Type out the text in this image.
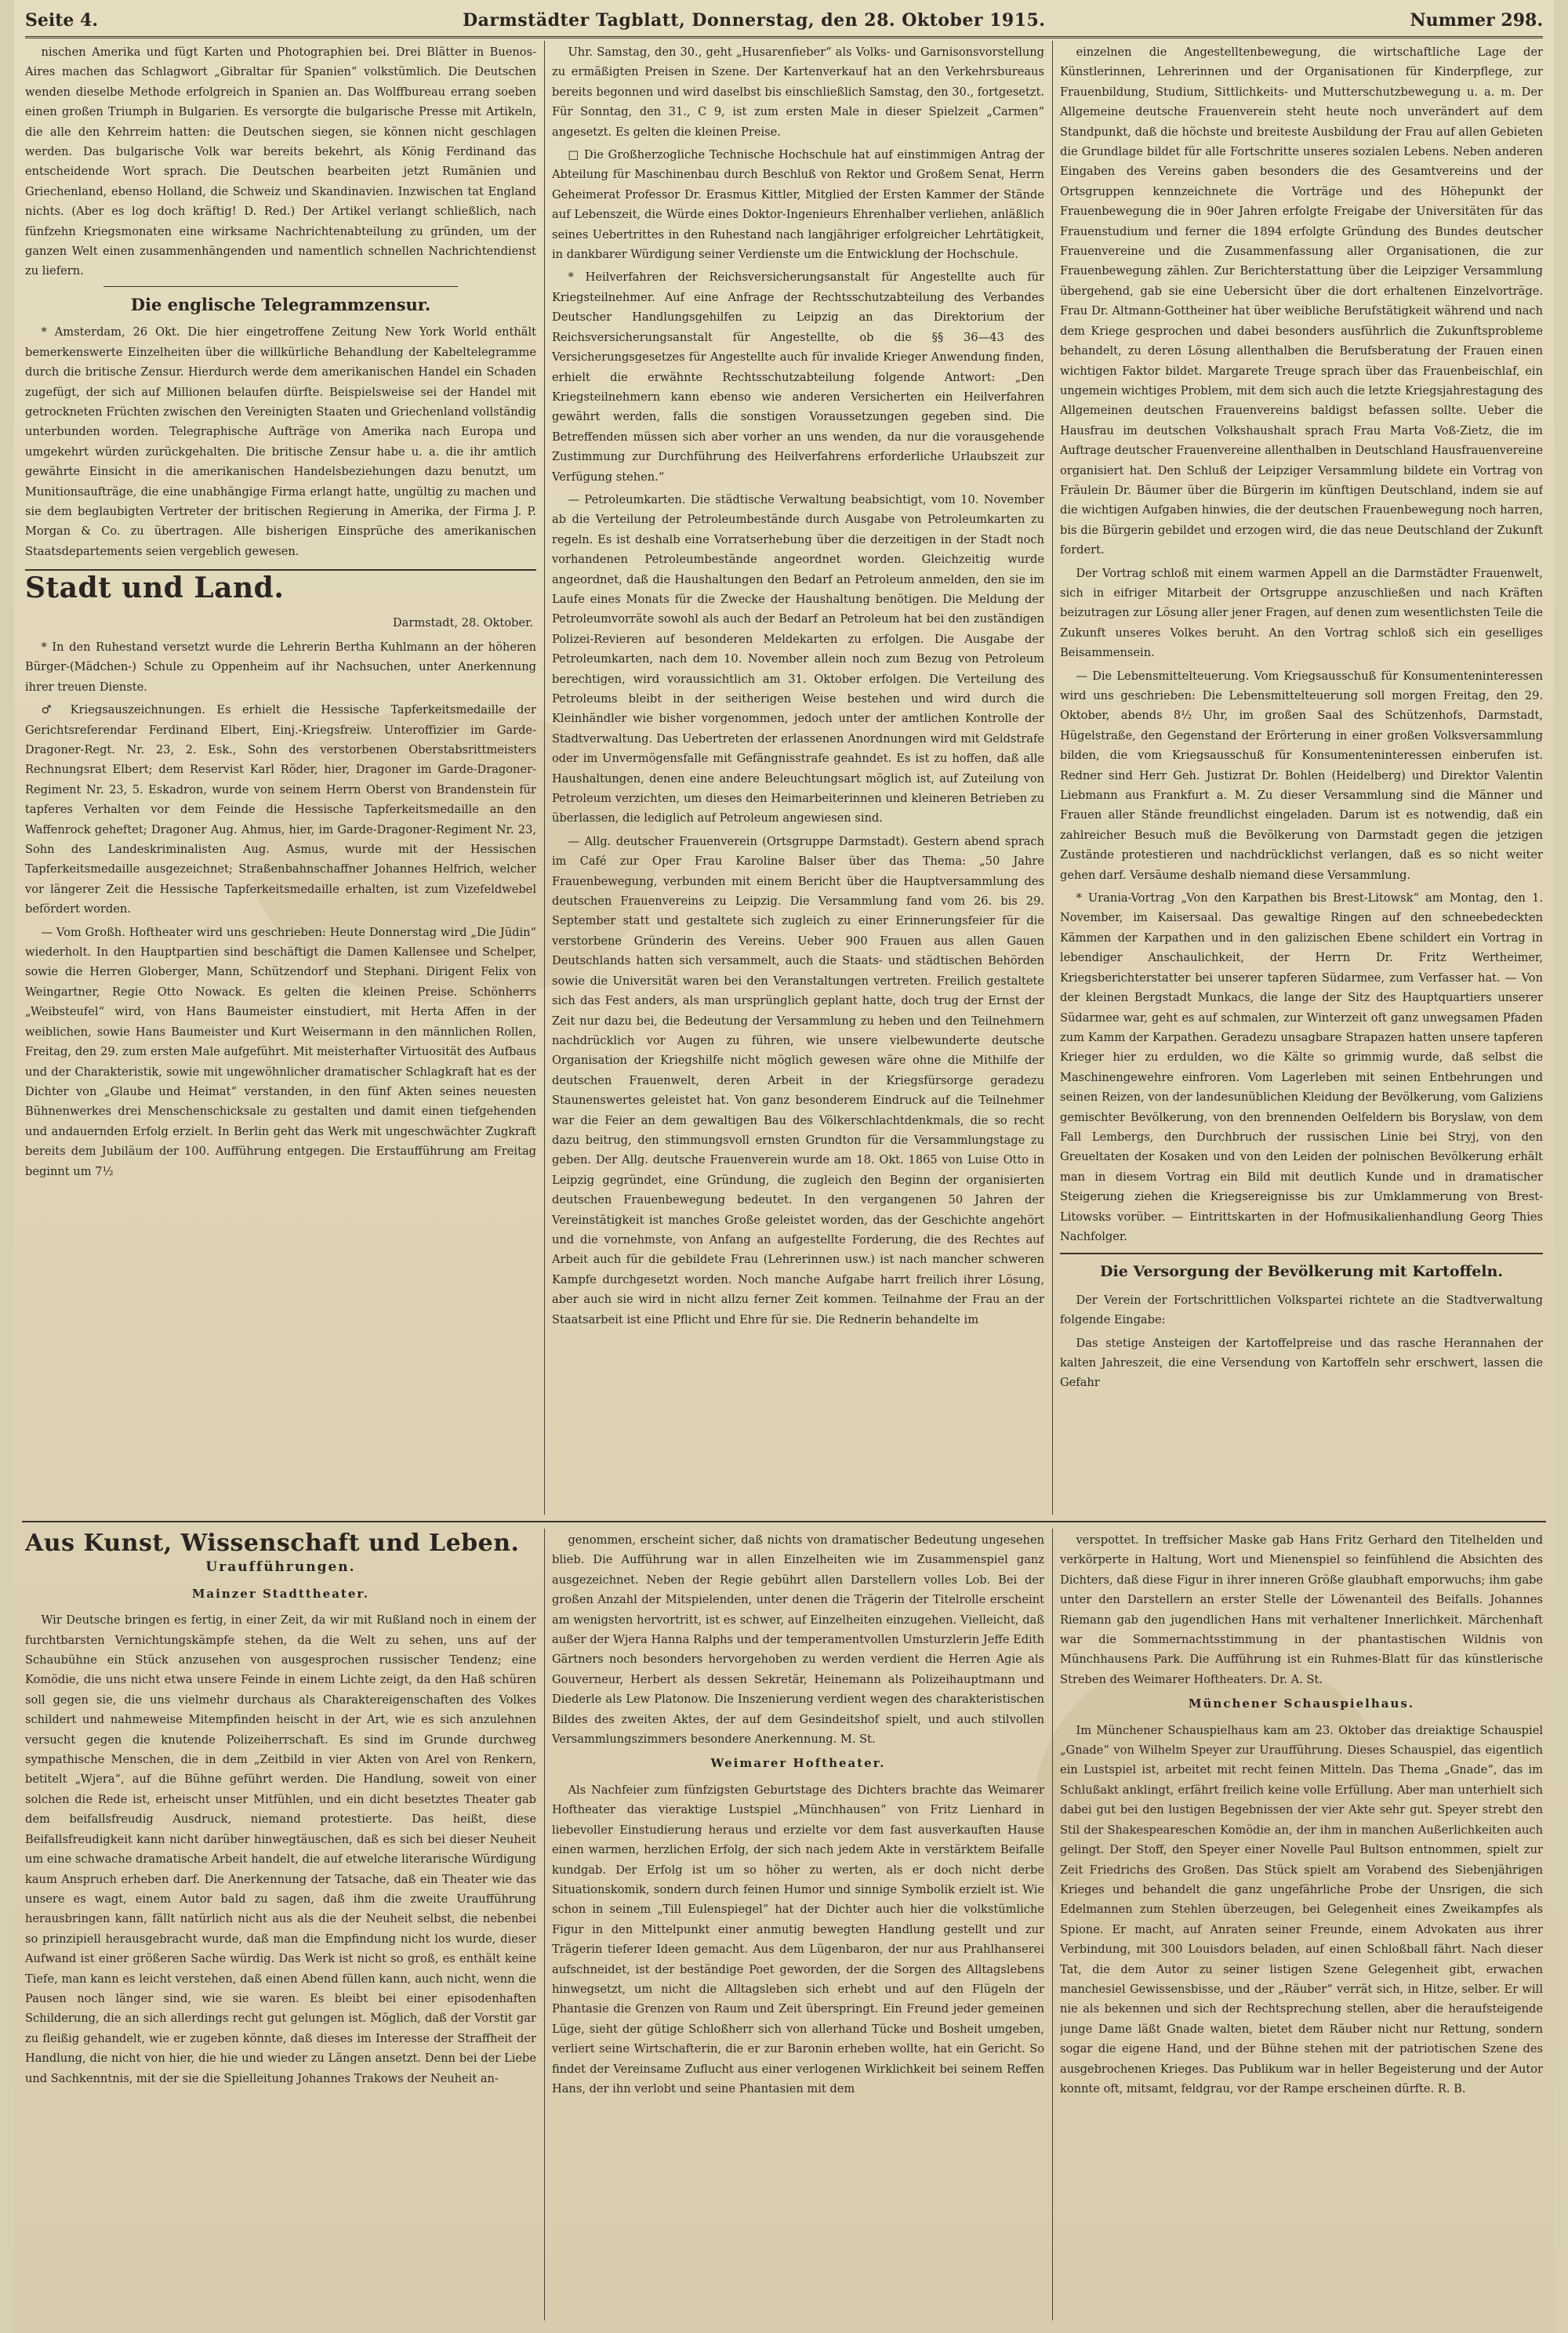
Seite 4.	Darmstädter Tagblatt, Donnerstag, den 28. Oktober 1915.	Nummer 298.

nischen Amerika und fügt Karten und Photographien bei. Drei Blätter in Buenos-Aires machen das Schlagwort „Gibraltar für Spanien“ volkstümlich. Die Deutschen wenden dieselbe Methode erfolgreich in Spanien an. Das Wolffbureau errang soeben einen großen Triumph in Bulgarien. Es versorgte die bulgarische Presse mit Artikeln, die alle den Kehrreim hatten: die Deutschen siegen, sie können nicht geschlagen werden. Das bulgarische Volk war bereits bekehrt, als König Ferdinand das entscheidende Wort sprach. Die Deutschen bearbeiten jetzt Rumänien und Griechenland, ebenso Holland, die Schweiz und Skandinavien. Inzwischen tat England nichts. (Aber es log doch kräftig! D. Red.) Der Artikel verlangt schließlich, nach fünfzehn Kriegsmonaten eine wirksame Nachrichtenabteilung zu gründen, um der ganzen Welt einen zusammenhängenden und namentlich schnellen Nachrichtendienst zu liefern.

Die englische Telegrammzensur.

* Amsterdam, 26 Okt. Die hier eingetroffene Zeitung New York World enthält bemerkenswerte Einzelheiten über die willkürliche Behandlung der Kabeltelegramme durch die britische Zensur. Hierdurch werde dem amerikanischen Handel ein Schaden zugefügt, der sich auf Millionen belaufen dürfte. Beispielsweise sei der Handel mit getrockneten Früchten zwischen den Vereinigten Staaten und Griechenland vollständig unterbunden worden. Telegraphische Aufträge von Amerika nach Europa und umgekehrt würden zurückgehalten. Die britische Zensur habe u. a. die ihr amtlich gewährte Einsicht in die amerikanischen Handelsbeziehungen dazu benutzt, um Munitionsaufträge, die eine unabhängige Firma erlangt hatte, ungültig zu machen und sie dem beglaubigten Vertreter der britischen Regierung in Amerika, der Firma J. P. Morgan & Co. zu übertragen. Alle bisherigen Einsprüche des amerikanischen Staatsdepartements seien vergeblich gewesen.

Stadt und Land.
Darmstadt, 28. Oktober.

* In den Ruhestand versetzt wurde die Lehrerin Bertha Kuhlmann an der höheren Bürger-(Mädchen-) Schule zu Oppenheim auf ihr Nachsuchen, unter Anerkennung ihrer treuen Dienste.

♂ Kriegsauszeichnungen. Es erhielt die Hessische Tapferkeitsmedaille der Gerichtsreferendar Ferdinand Elbert, Einj.-Kriegsfreiw. Unteroffizier im Garde-Dragoner-Regt. Nr. 23, 2. Esk., Sohn des verstorbenen Oberstabsrittmeisters Rechnungsrat Elbert; dem Reservist Karl Röder, hier, Dragoner im Garde-Dragoner-Regiment Nr. 23, 5. Eskadron, wurde von seinem Herrn Oberst von Brandenstein für tapferes Verhalten vor dem Feinde die Hessische Tapferkeitsmedaille an den Waffenrock geheftet; Dragoner Aug. Ahmus, hier, im Garde-Dragoner-Regiment Nr. 23, Sohn des Landeskriminalisten Aug. Asmus, wurde mit der Hessischen Tapferkeitsmedaille ausgezeichnet; Straßenbahnschaffner Johannes Helfrich, welcher vor längerer Zeit die Hessische Tapferkeitsmedaille erhalten, ist zum Vizefeldwebel befördert worden.

— Vom Großh. Hoftheater wird uns geschrieben: Heute Donnerstag wird „Die Jüdin“ wiederholt. In den Hauptpartien sind beschäftigt die Damen Kallensee und Schelper, sowie die Herren Globerger, Mann, Schützendorf und Stephani. Dirigent Felix von Weingartner, Regie Otto Nowack. Es gelten die kleinen Preise. Schönherrs „Weibsteufel“ wird, von Hans Baumeister einstudiert, mit Herta Affen in der weiblichen, sowie Hans Baumeister und Kurt Weisermann in den männlichen Rollen, Freitag, den 29. zum ersten Male aufgeführt. Mit meisterhafter Virtuosität des Aufbaus und der Charakteristik, sowie mit ungewöhnlicher dramatischer Schlagkraft hat es der Dichter von „Glaube und Heimat“ verstanden, in den fünf Akten seines neuesten Bühnenwerkes drei Menschenschicksale zu gestalten und damit einen tiefgehenden und andauernden Erfolg erzielt. In Berlin geht das Werk mit ungeschwächter Zugkraft bereits dem Jubiläum der 100. Aufführung entgegen. Die Erstaufführung am Freitag beginnt um 7½

Uhr. Samstag, den 30., geht „Husarenfieber“ als Volks- und Garnisonsvorstellung zu ermäßigten Preisen in Szene. Der Kartenverkauf hat an den Verkehrsbureaus bereits begonnen und wird daselbst bis einschließlich Samstag, den 30., fortgesetzt. Für Sonntag, den 31., C 9, ist zum ersten Male in dieser Spielzeit „Carmen“ angesetzt. Es gelten die kleinen Preise.

□ Die Großherzogliche Technische Hochschule hat auf einstimmigen Antrag der Abteilung für Maschinenbau durch Beschluß von Rektor und Großem Senat, Herrn Geheimerat Professor Dr. Erasmus Kittler, Mitglied der Ersten Kammer der Stände auf Lebenszeit, die Würde eines Doktor-Ingenieurs Ehrenhalber verliehen, anläßlich seines Uebertrittes in den Ruhestand nach langjähriger erfolgreicher Lehrtätigkeit, in dankbarer Würdigung seiner Verdienste um die Entwicklung der Hochschule.

* Heilverfahren der Reichsversicherungsanstalt für Angestellte auch für Kriegsteilnehmer. Auf eine Anfrage der Rechtsschutzabteilung des Verbandes Deutscher Handlungsgehilfen zu Leipzig an das Direktorium der Reichsversicherungsanstalt für Angestellte, ob die §§ 36—43 des Versicherungsgesetzes für Angestellte auch für invalide Krieger Anwendung finden, erhielt die erwähnte Rechtsschutzabteilung folgende Antwort: „Den Kriegsteilnehmern kann ebenso wie anderen Versicherten ein Heilverfahren gewährt werden, falls die sonstigen Voraussetzungen gegeben sind. Die Betreffenden müssen sich aber vorher an uns wenden, da nur die vorausgehende Zustimmung zur Durchführung des Heilverfahrens erforderliche Urlaubszeit zur Verfügung stehen.“

— Petroleumkarten. Die städtische Verwaltung beabsichtigt, vom 10. November ab die Verteilung der Petroleumbestände durch Ausgabe von Petroleumkarten zu regeln. Es ist deshalb eine Vorratserhebung über die derzeitigen in der Stadt noch vorhandenen Petroleumbestände angeordnet worden. Gleichzeitig wurde angeordnet, daß die Haushaltungen den Bedarf an Petroleum anmelden, den sie im Laufe eines Monats für die Zwecke der Haushaltung benötigen. Die Meldung der Petroleumvorräte sowohl als auch der Bedarf an Petroleum hat bei den zuständigen Polizei-Revieren auf besonderen Meldekarten zu erfolgen. Die Ausgabe der Petroleumkarten, nach dem 10. November allein noch zum Bezug von Petroleum berechtigen, wird voraussichtlich am 31. Oktober erfolgen. Die Verteilung des Petroleums bleibt in der seitherigen Weise bestehen und wird durch die Kleinhändler wie bisher vorgenommen, jedoch unter der amtlichen Kontrolle der Stadtverwaltung. Das Uebertreten der erlassenen Anordnungen wird mit Geldstrafe oder im Unvermögensfalle mit Gefängnisstrafe geahndet. Es ist zu hoffen, daß alle Haushaltungen, denen eine andere Beleuchtungsart möglich ist, auf Zuteilung von Petroleum verzichten, um dieses den Heimarbeiterinnen und kleineren Betrieben zu überlassen, die lediglich auf Petroleum angewiesen sind.

— Allg. deutscher Frauenverein (Ortsgruppe Darmstadt). Gestern abend sprach im Café zur Oper Frau Karoline Balser über das Thema: „50 Jahre Frauenbewegung, verbunden mit einem Bericht über die Hauptversammlung des deutschen Frauenvereins zu Leipzig. Die Versammlung fand vom 26. bis 29. September statt und gestaltete sich zugleich zu einer Erinnerungsfeier für die verstorbene Gründerin des Vereins. Ueber 900 Frauen aus allen Gauen Deutschlands hatten sich versammelt, auch die Staats- und städtischen Behörden sowie die Universität waren bei den Veranstaltungen vertreten. Freilich gestaltete sich das Fest anders, als man ursprünglich geplant hatte, doch trug der Ernst der Zeit nur dazu bei, die Bedeutung der Versammlung zu heben und den Teilnehmern nachdrücklich vor Augen zu führen, wie unsere vielbewunderte deutsche Organisation der Kriegshilfe nicht möglich gewesen wäre ohne die Mithilfe der deutschen Frauenwelt, deren Arbeit in der Kriegsfürsorge geradezu Staunenswertes geleistet hat. Von ganz besonderem Eindruck auf die Teilnehmer war die Feier an dem gewaltigen Bau des Völkerschlachtdenkmals, die so recht dazu beitrug, den stimmungsvoll ernsten Grundton für die Versammlungstage zu geben. Der Allg. deutsche Frauenverein wurde am 18. Okt. 1865 von Luise Otto in Leipzig gegründet, eine Gründung, die zugleich den Beginn der organisierten deutschen Frauenbewegung bedeutet. In den vergangenen 50 Jahren der Vereinstätigkeit ist manches Große geleistet worden, das der Geschichte angehört und die vornehmste, von Anfang an aufgestellte Forderung, die des Rechtes auf Arbeit auch für die gebildete Frau (Lehrerinnen usw.) ist nach mancher schweren Kampfe durchgesetzt worden. Noch manche Aufgabe harrt freilich ihrer Lösung, aber auch sie wird in nicht allzu ferner Zeit kommen. Teilnahme der Frau an der Staatsarbeit ist eine Pflicht und Ehre für sie. Die Rednerin behandelte im

einzelnen die Angestelltenbewegung, die wirtschaftliche Lage der Künstlerinnen, Lehrerinnen und der Organisationen für Kinderpflege, zur Frauenbildung, Studium, Sittlichkeits- und Mutterschutzbewegung u. a. m. Der Allgemeine deutsche Frauenverein steht heute noch unverändert auf dem Standpunkt, daß die höchste und breiteste Ausbildung der Frau auf allen Gebieten die Grundlage bildet für alle Fortschritte unseres sozialen Lebens. Neben anderen Eingaben des Vereins gaben besonders die des Gesamtvereins und der Ortsgruppen kennzeichnete die Vorträge und des Höhepunkt der Frauenbewegung die in 90er Jahren erfolgte Freigabe der Universitäten für das Frauenstudium und ferner die 1894 erfolgte Gründung des Bundes deutscher Frauenvereine und die Zusammenfassung aller Organisationen, die zur Frauenbewegung zählen. Zur Berichterstattung über die Leipziger Versammlung übergehend, gab sie eine Uebersicht über die dort erhaltenen Einzelvorträge. Frau Dr. Altmann-Gottheiner hat über weibliche Berufstätigkeit während und nach dem Kriege gesprochen und dabei besonders ausführlich die Zukunftsprobleme behandelt, zu deren Lösung allenthalben die Berufsberatung der Frauen einen wichtigen Faktor bildet. Margarete Treuge sprach über das Frauenbeischlaf, ein ungemein wichtiges Problem, mit dem sich auch die letzte Kriegsjahrestagung des Allgemeinen deutschen Frauenvereins baldigst befassen sollte. Ueber die Hausfrau im deutschen Volkshaushalt sprach Frau Marta Voß-Zietz, die im Auftrage deutscher Frauenvereine allenthalben in Deutschland Hausfrauenvereine organisiert hat. Den Schluß der Leipziger Versammlung bildete ein Vortrag von Fräulein Dr. Bäumer über die Bürgerin im künftigen Deutschland, indem sie auf die wichtigen Aufgaben hinwies, die der deutschen Frauenbewegung noch harren, bis die Bürgerin gebildet und erzogen wird, die das neue Deutschland der Zukunft fordert.

Der Vortrag schloß mit einem warmen Appell an die Darmstädter Frauenwelt, sich in eifriger Mitarbeit der Ortsgruppe anzuschließen und nach Kräften beizutragen zur Lösung aller jener Fragen, auf denen zum wesentlichsten Teile die Zukunft unseres Volkes beruht. An den Vortrag schloß sich ein geselliges Beisammensein.

— Die Lebensmittelteuerung. Vom Kriegsausschuß für Konsumenteninteressen wird uns geschrieben: Die Lebensmittelteuerung soll morgen Freitag, den 29. Oktober, abends 8½ Uhr, im großen Saal des Schützenhofs, Darmstadt, Hügelstraße, den Gegenstand der Erörterung in einer großen Volksversammlung bilden, die vom Kriegsausschuß für Konsumenteninteressen einberufen ist. Redner sind Herr Geh. Justizrat Dr. Bohlen (Heidelberg) und Direktor Valentin Liebmann aus Frankfurt a. M. Zu dieser Versammlung sind die Männer und Frauen aller Stände freundlichst eingeladen. Darum ist es notwendig, daß ein zahlreicher Besuch muß die Bevölkerung von Darmstadt gegen die jetzigen Zustände protestieren und nachdrücklichst verlangen, daß es so nicht weiter gehen darf. Versäume deshalb niemand diese Versammlung.

* Urania-Vortrag „Von den Karpathen bis Brest-Litowsk“ am Montag, den 1. November, im Kaisersaal. Das gewaltige Ringen auf den schneebedeckten Kämmen der Karpathen und in den galizischen Ebene schildert ein Vortrag in lebendiger Anschaulichkeit, der Herrn Dr. Fritz Wertheimer, Kriegsberichterstatter bei unserer tapferen Südarmee, zum Verfasser hat. — Von der kleinen Bergstadt Munkacs, die lange der Sitz des Hauptquartiers unserer Südarmee war, geht es auf schmalen, zur Winterzeit oft ganz unwegsamen Pfaden zum Kamm der Karpathen. Geradezu unsagbare Strapazen hatten unsere tapferen Krieger hier zu erdulden, wo die Kälte so grimmig wurde, daß selbst die Maschinengewehre einfroren. Vom Lagerleben mit seinen Entbehrungen und seinen Reizen, von der landesunüblichen Kleidung der Bevölkerung, vom Galiziens gemischter Bevölkerung, von den brennenden Oelfeldern bis Boryslaw, von dem Fall Lembergs, den Durchbruch der russischen Linie bei Stryj, von den Greueltaten der Kosaken und von den Leiden der polnischen Bevölkerung erhält man in diesem Vortrag ein Bild mit deutlich Kunde und in dramatischer Steigerung ziehen die Kriegsereignisse bis zur Umklammerung von Brest-Litowsks vorüber. — Eintrittskarten in der Hofmusikalienhandlung Georg Thies Nachfolger.

Die Versorgung der Bevölkerung mit Kartoffeln.

Der Verein der Fortschrittlichen Volkspartei richtete an die Stadtverwaltung folgende Eingabe:

Das stetige Ansteigen der Kartoffelpreise und das rasche Herannahen der kalten Jahreszeit, die eine Versendung von Kartoffeln sehr erschwert, lassen die Gefahr

Aus Kunst, Wissenschaft und Leben.
Uraufführungen.
Mainzer Stadttheater.

Wir Deutsche bringen es fertig, in einer Zeit, da wir mit Rußland noch in einem der furchtbarsten Vernichtungskämpfe stehen, da die Welt zu sehen, uns auf der Schaubühne ein Stück anzusehen von ausgesprochen russischer Tendenz; eine Komödie, die uns nicht etwa unsere Feinde in einem Lichte zeigt, da den Haß schüren soll gegen sie, die uns vielmehr durchaus als Charaktereigenschaften des Volkes schildert und nahmeweise Mitempfinden heischt in der Art, wie es sich anzulehnen versucht gegen die knutende Polizeiherrschaft. Es sind im Grunde durchweg sympathische Menschen, die in dem „Zeitbild in vier Akten von Arel von Renkern, betitelt „Wjera“, auf die Bühne geführt werden. Die Handlung, soweit von einer solchen die Rede ist, erheischt unser Mitfühlen, und ein dicht besetztes Theater gab dem beifallsfreudig Ausdruck, niemand protestierte. Das heißt, diese Beifallsfreudigkeit kann nicht darüber hinwegtäuschen, daß es sich bei dieser Neuheit um eine schwache dramatische Arbeit handelt, die auf etwelche literarische Würdigung kaum Anspruch erheben darf. Die Anerkennung der Tatsache, daß ein Theater wie das unsere es wagt, einem Autor bald zu sagen, daß ihm die zweite Uraufführung herausbringen kann, fällt natürlich nicht aus als die der Neuheit selbst, die nebenbei so prinzipiell herausgebracht wurde, daß man die Empfindung nicht los wurde, dieser Aufwand ist einer größeren Sache würdig. Das Werk ist nicht so groß, es enthält keine Tiefe, man kann es leicht verstehen, daß einen Abend füllen kann, auch nicht, wenn die Pausen noch länger sind, wie sie waren. Es bleibt bei einer episodenhaften Schilderung, die an sich allerdings recht gut gelungen ist. Möglich, daß der Vorstit gar zu fleißig gehandelt, wie er zugeben könnte, daß dieses im Interesse der Straffheit der Handlung, die nicht von hier, die hie und wieder zu Längen ansetzt. Denn bei der Liebe und Sachkenntnis, mit der sie die Spielleitung Johannes Trakows der Neuheit an-

genommen, erscheint sicher, daß nichts von dramatischer Bedeutung ungesehen blieb. Die Aufführung war in allen Einzelheiten wie im Zusammenspiel ganz ausgezeichnet. Neben der Regie gebührt allen Darstellern volles Lob. Bei der großen Anzahl der Mitspielenden, unter denen die Trägerin der Titelrolle erscheint am wenigsten hervortritt, ist es schwer, auf Einzelheiten einzugehen. Vielleicht, daß außer der Wjera Hanna Ralphs und der temperamentvollen Umsturzlerin Jeffe Edith Gärtners noch besonders hervorgehoben zu werden verdient die Herren Agie als Gouverneur, Herbert als dessen Sekretär, Heinemann als Polizeihauptmann und Diederle als Lew Platonow. Die Inszenierung verdient wegen des charakteristischen Bildes des zweiten Aktes, der auf dem Gesindeitshof spielt, und auch stilvollen Versammlungszimmers besondere Anerkennung. M. St.

Weimarer Hoftheater.

Als Nachfeier zum fünfzigsten Geburtstage des Dichters brachte das Weimarer Hoftheater das vieraktige Lustspiel „Münchhausen“ von Fritz Lienhard in liebevoller Einstudierung heraus und erzielte vor dem fast ausverkauften Hause einen warmen, herzlichen Erfolg, der sich nach jedem Akte in verstärktem Beifalle kundgab. Der Erfolg ist um so höher zu werten, als er doch nicht derbe Situationskomik, sondern durch feinen Humor und sinnige Symbolik erzielt ist. Wie schon in seinem „Till Eulenspiegel“ hat der Dichter auch hier die volkstümliche Figur in den Mittelpunkt einer anmutig bewegten Handlung gestellt und zur Trägerin tieferer Ideen gemacht. Aus dem Lügenbaron, der nur aus Prahlhanserei aufschneidet, ist der beständige Poet geworden, der die Sorgen des Alltagslebens hinwegsetzt, um nicht die Alltagsleben sich erhebt und auf den Flügeln der Phantasie die Grenzen von Raum und Zeit überspringt. Ein Freund jeder gemeinen Lüge, sieht der gütige Schloßherr sich von allerhand Tücke und Bosheit umgeben, verliert seine Wirtschafterin, die er zur Baronin erheben wollte, hat ein Gericht. So findet der Vereinsame Zuflucht aus einer verlogenen Wirklichkeit bei seinem Reffen Hans, der ihn verlobt und seine Phantasien mit dem

verspottet. In treffsicher Maske gab Hans Fritz Gerhard den Titelhelden und verkörperte in Haltung, Wort und Mienenspiel so feinfühlend die Absichten des Dichters, daß diese Figur in ihrer inneren Größe glaubhaft emporwuchs; ihm gabe unter den Darstellern an erster Stelle der Löwenanteil des Beifalls. Johannes Riemann gab den jugendlichen Hans mit verhaltener Innerlichkeit. Märchenhaft war die Sommernachtsstimmung in der phantastischen Wildnis von Münchhausens Park. Die Aufführung ist ein Ruhmes-Blatt für das künstlerische Streben des Weimarer Hoftheaters. Dr. A. St.

Münchener Schauspielhaus.

Im Münchener Schauspielhaus kam am 23. Oktober das dreiaktige Schauspiel „Gnade“ von Wilhelm Speyer zur Uraufführung. Dieses Schauspiel, das eigentlich ein Lustspiel ist, arbeitet mit recht feinen Mitteln. Das Thema „Gnade“, das im Schlußakt anklingt, erfährt freilich keine volle Erfüllung. Aber man unterhielt sich dabei gut bei den lustigen Begebnissen der vier Akte sehr gut. Speyer strebt den Stil der Shakespeareschen Komödie an, der ihm in manchen Außerlichkeiten auch gelingt. Der Stoff, den Speyer einer Novelle Paul Bultson entnommen, spielt zur Zeit Friedrichs des Großen. Das Stück spielt am Vorabend des Siebenjährigen Krieges und behandelt die ganz ungefährliche Probe der Unsrigen, die sich Edelmannen zum Stehlen überzeugen, bei Gelegenheit eines Zweikampfes als Spione. Er macht, auf Anraten seiner Freunde, einem Advokaten aus ihrer Verbindung, mit 300 Louisdors beladen, auf einen Schloßball fährt. Nach dieser Tat, die dem Autor zu seiner listigen Szene Gelegenheit gibt, erwachen manchesiel Gewissensbisse, und der „Räuber“ verrät sich, in Hitze, selber. Er will nie als bekennen und sich der Rechtsprechung stellen, aber die heraufsteigende junge Dame läßt Gnade walten, bietet dem Räuber nicht nur Rettung, sondern sogar die eigene Hand, und der Bühne stehen mit der patriotischen Szene des ausgebrochenen Krieges. Das Publikum war in heller Begeisterung und der Autor konnte oft, mitsamt, feldgrau, vor der Rampe erscheinen dürfte. R. B.
